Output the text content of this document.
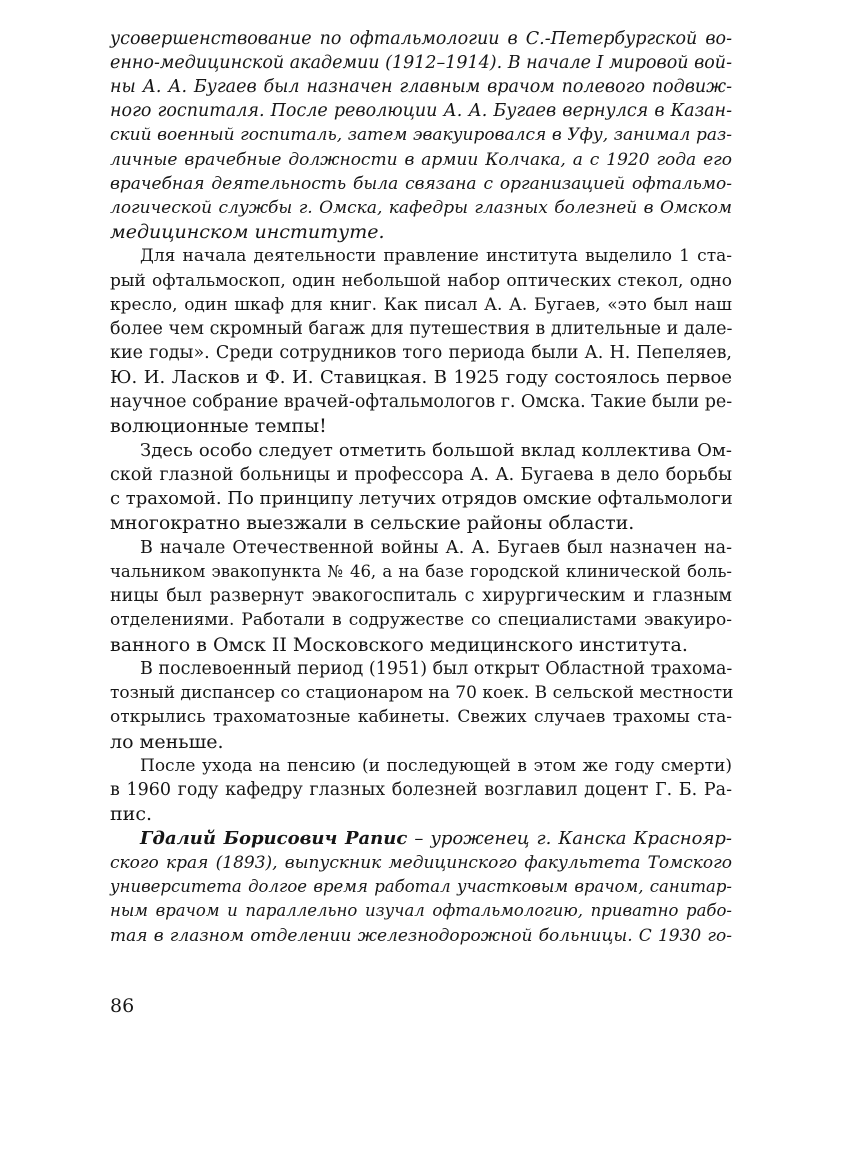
усовершенствование по офтальмологии в С.-Петербургской во-
енно-медицинской академии (1912–1914). В начале I мировой вой-
ны А. А. Бугаев был назначен главным врачом полевого подвиж-
ного госпиталя. После революции А. А. Бугаев вернулся в Казан-
ский военный госпиталь, затем эвакуировался в Уфу, занимал раз-
личные врачебные должности в армии Колчака, а с 1920 года его
врачебная деятельность была связана с организацией офтальмо-
логической службы г. Омска, кафедры глазных болезней в Омском
медицинском институте.
Для начала деятельности правление института выделило 1 ста-
рый офтальмоскоп, один небольшой набор оптических стекол, одно
кресло, один шкаф для книг. Как писал А. А. Бугаев, «это был наш
более чем скромный багаж для путешествия в длительные и дале-
кие годы». Среди сотрудников того периода были А. Н. Пепеляев,
Ю. И. Ласков и Ф. И. Ставицкая. В 1925 году состоялось первое
научное собрание врачей-офтальмологов г. Омска. Такие были ре-
волюционные темпы!
Здесь особо следует отметить большой вклад коллектива Ом-
ской глазной больницы и профессора А. А. Бугаева в дело борьбы
с трахомой. По принципу летучих отрядов омские офтальмологи
многократно выезжали в сельские районы области.
В начале Отечественной войны А. А. Бугаев был назначен на-
чальником эвакопункта № 46, а на базе городской клинической боль-
ницы был развернут эвакогоспиталь с хирургическим и глазным
отделениями. Работали в содружестве со специалистами эвакуиро-
ванного в Омск II Московского медицинского института.
В послевоенный период (1951) был открыт Областной трахома-
тозный диспансер со стационаром на 70 коек. В сельской местности
открылись трахоматозные кабинеты. Свежих случаев трахомы ста-
ло меньше.
После ухода на пенсию (и последующей в этом же году смерти)
в 1960 году кафедру глазных болезней возглавил доцент Г. Б. Ра-
пис.
Гдалий Борисович Рапис – уроженец г. Канска Краснояр-
ского края (1893), выпускник медицинского факультета Томского
университета долгое время работал участковым врачом, санитар-
ным врачом и параллельно изучал офтальмологию, приватно рабо-
тая в глазном отделении железнодорожной больницы. С 1930 го-
86
